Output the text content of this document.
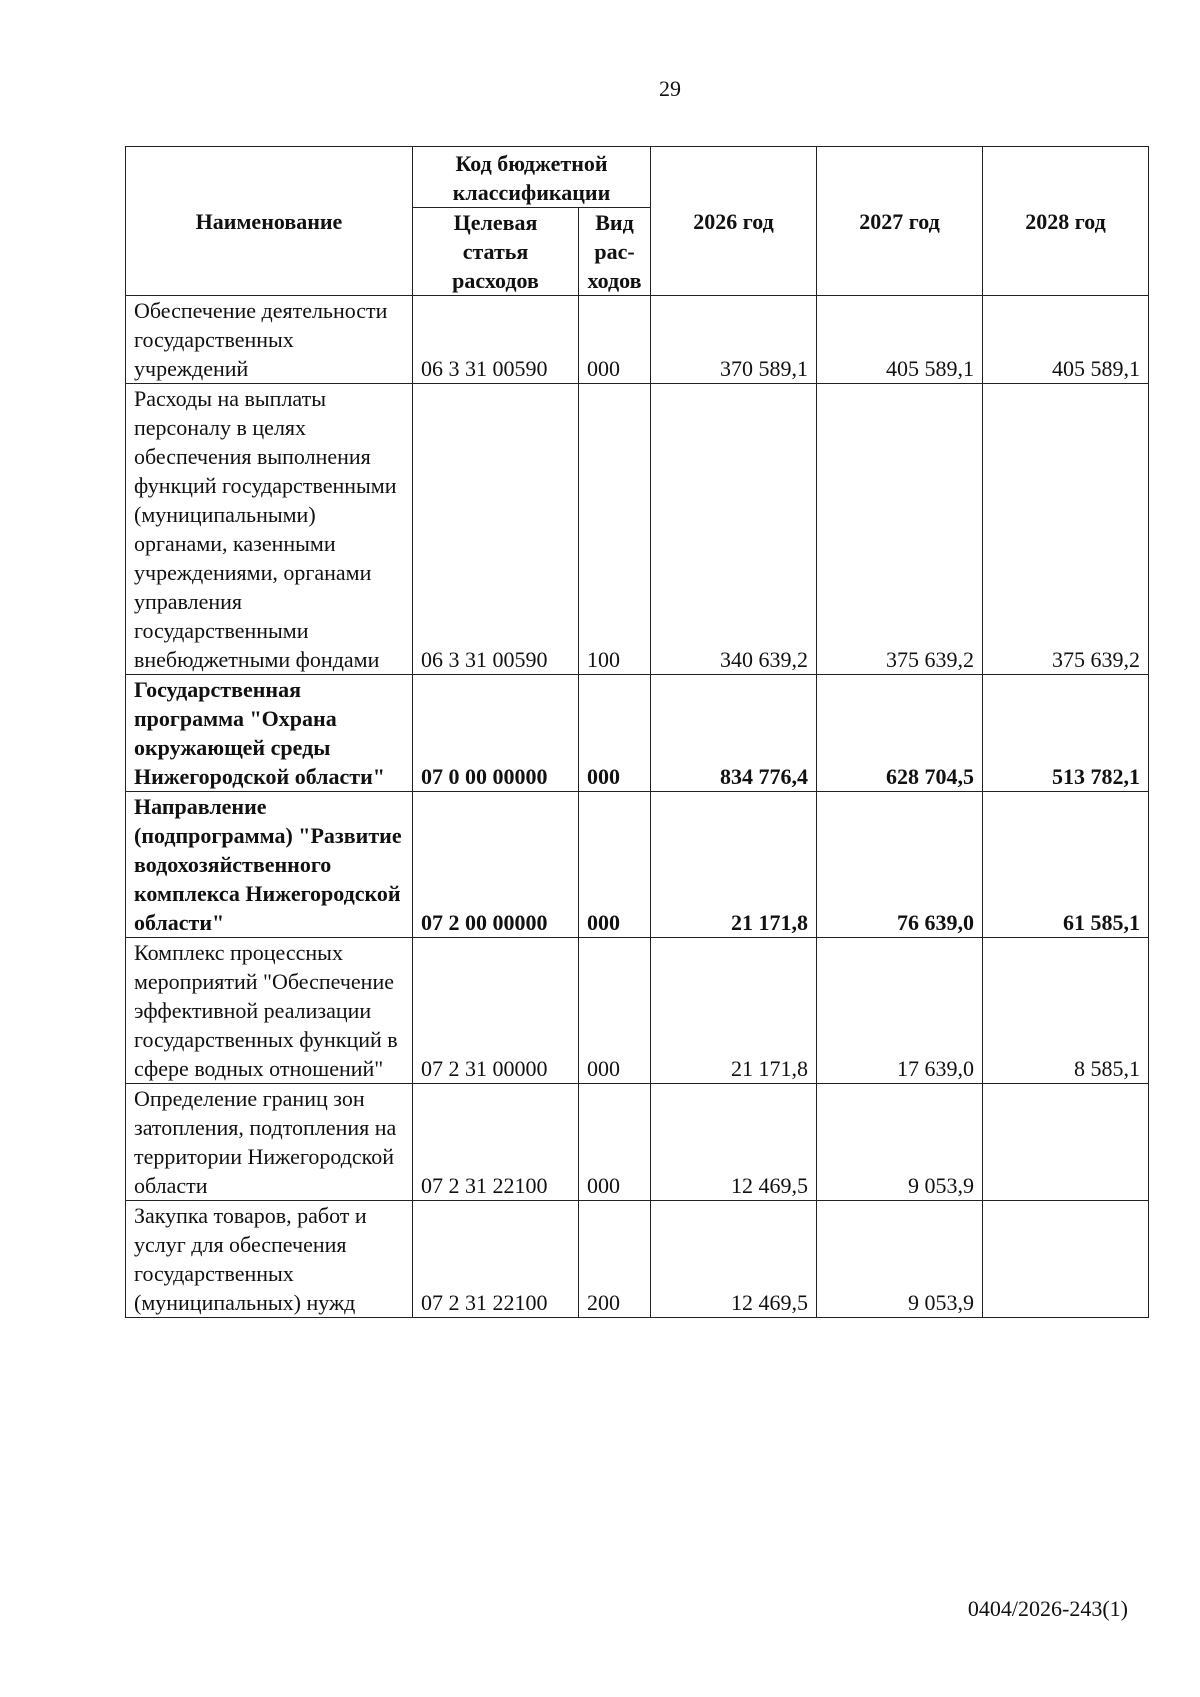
29
Наименование	Код бюджетной классификации		2026 год	2027 год	2028 год
	Целевая статья расходов	Вид рас-ходов			
Обеспечение деятельности государственных учреждений	06 3 31 00590	000	370 589,1	405 589,1	405 589,1
Расходы на выплаты персоналу в целях обеспечения выполнения функций государственными (муниципальными) органами, казенными учреждениями, органами управления государственными внебюджетными фондами	06 3 31 00590	100	340 639,2	375 639,2	375 639,2
Государственная программа "Охрана окружающей среды Нижегородской области"	07 0 00 00000	000	834 776,4	628 704,5	513 782,1
Направление (подпрограмма) "Развитие водохозяйственного комплекса Нижегородской области"	07 2 00 00000	000	21 171,8	76 639,0	61 585,1
Комплекс процессных мероприятий "Обеспечение эффективной реализации государственных функций в сфере водных отношений"	07 2 31 00000	000	21 171,8	17 639,0	8 585,1
Определение границ зон затопления, подтопления на территории Нижегородской области	07 2 31 22100	000	12 469,5	9 053,9	
Закупка товаров, работ и услуг для обеспечения государственных (муниципальных) нужд	07 2 31 22100	200	12 469,5	9 053,9	
0404/2026-243(1)
